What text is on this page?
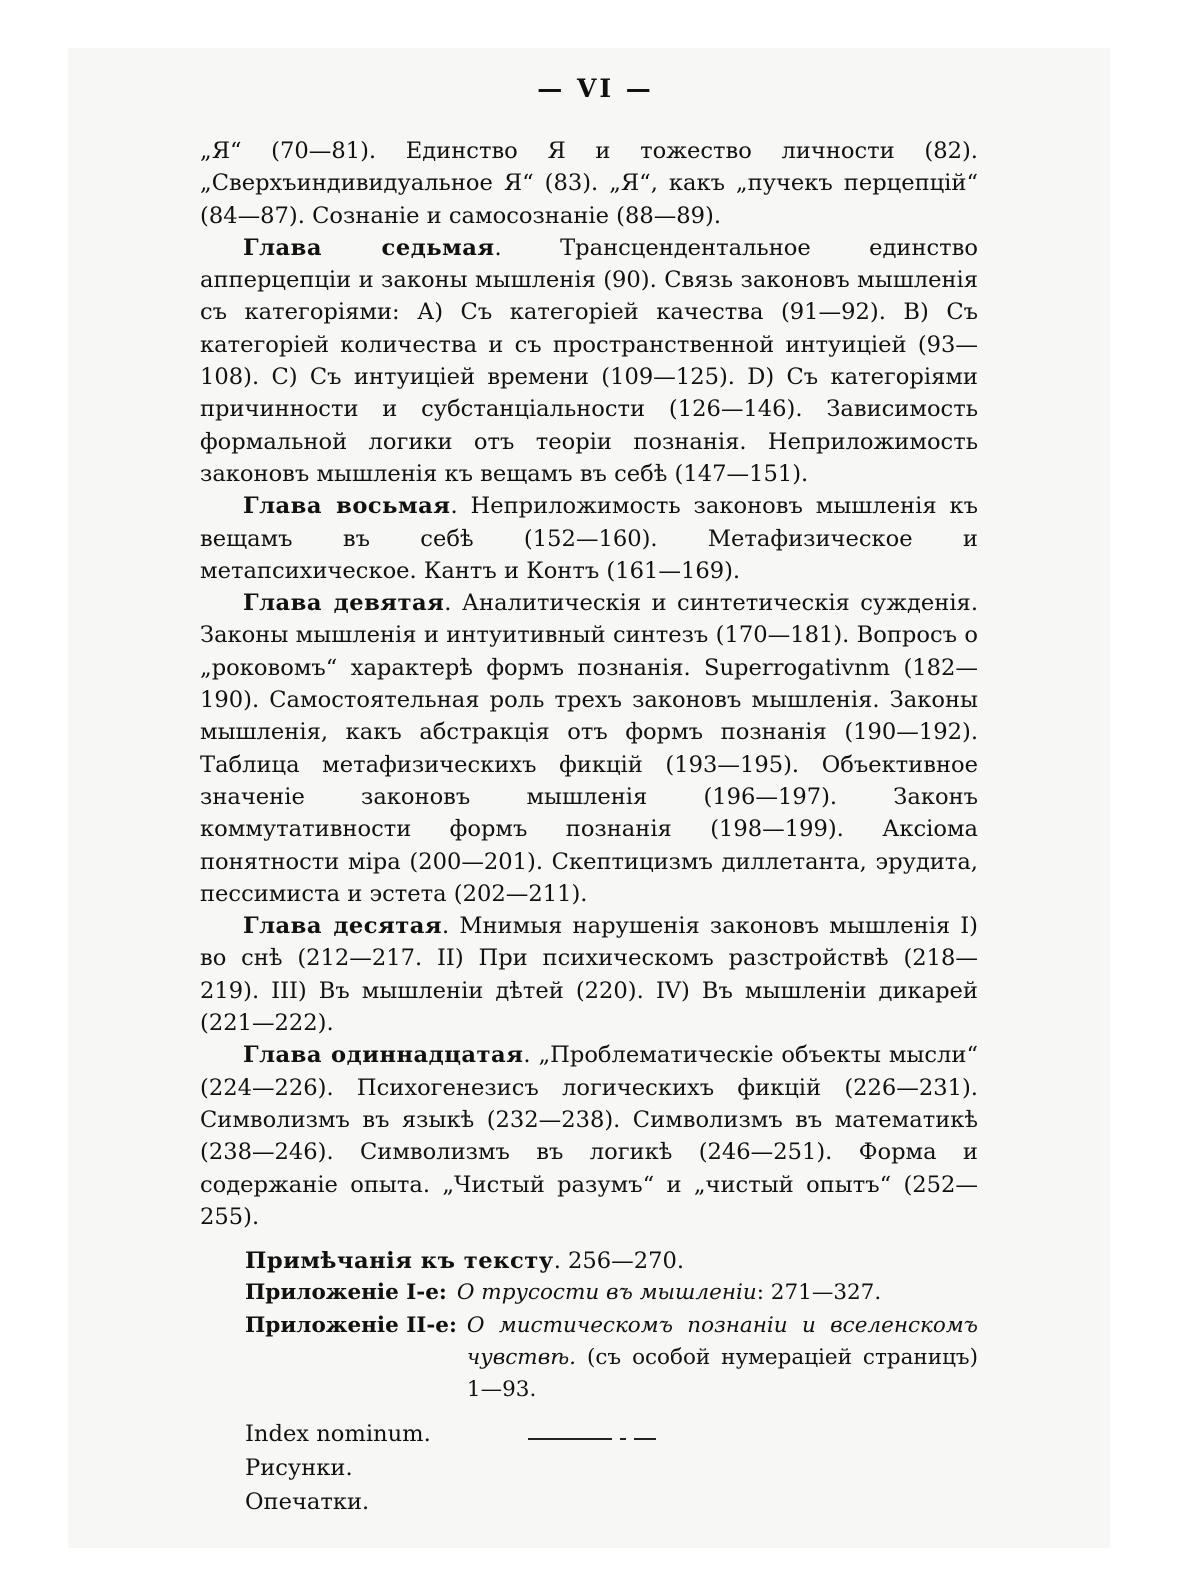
— VI —

„Я“ (70—81). Единство Я и тожество личности (82). „Сверхъиндивидуальное Я“ (83). „Я“, какъ „пучекъ перцепцій“ (84—87). Сознаніе и самосознаніе (88—89).

Глава седьмая. Трансцендентальное единство апперцепціи и законы мышленія (90). Связь законовъ мышленія съ категоріями: А) Съ категоріей качества (91—92). В) Съ категоріей количества и съ пространственной интуиціей (93—108). С) Съ интуиціей времени (109—125). D) Съ категоріями причинности и субстанціальности (126—146). Зависимость формальной логики отъ теоріи познанія. Неприложимость законовъ мышленія къ вещамъ въ себѣ (147—151).

Глава восьмая. Неприложимость законовъ мышленія къ вещамъ въ себѣ (152—160). Метафизическое и метапсихическое. Кантъ и Контъ (161—169).

Глава девятая. Аналитическія и синтетическія сужденія. Законы мышленія и интуитивный синтезъ (170—181). Вопросъ о „роковомъ“ характерѣ формъ познанія. Superrogativnm (182—190). Самостоятельная роль трехъ законовъ мышленія. Законы мышленія, какъ абстракція отъ формъ познанія (190—192). Таблица метафизическихъ фикцій (193—195). Объективное значеніе законовъ мышленія (196—197). Законъ коммутативности формъ познанія (198—199). Аксіома понятности міра (200—201). Скептицизмъ диллетанта, эрудита, пессимиста и эстета (202—211).

Глава десятая. Мнимыя нарушенія законовъ мышленія I) во снѣ (212—217. II) При психическомъ разстройствѣ (218—219). III) Въ мышленіи дѣтей (220). IV) Въ мышленіи дикарей (221—222).

Глава одиннадцатая. „Проблематическіе объекты мысли“ (224—226). Психогенезисъ логическихъ фикцій (226—231). Символизмъ въ языкѣ (232—238). Символизмъ въ математикѣ (238—246). Символизмъ въ логикѣ (246—251). Форма и содержаніе опыта. „Чистый разумъ“ и „чистый опытъ“ (252—255).

Примѣчанія къ тексту. 256—270.

Приложеніе I-е: О трусости въ мышленіи: 271—327.
Приложеніе II-е: О мистическомъ познаніи и вселенскомъ чувствѣ. (съ особой нумераціей страницъ) 1—93.
Index nominum.
Рисунки.
Опечатки.
